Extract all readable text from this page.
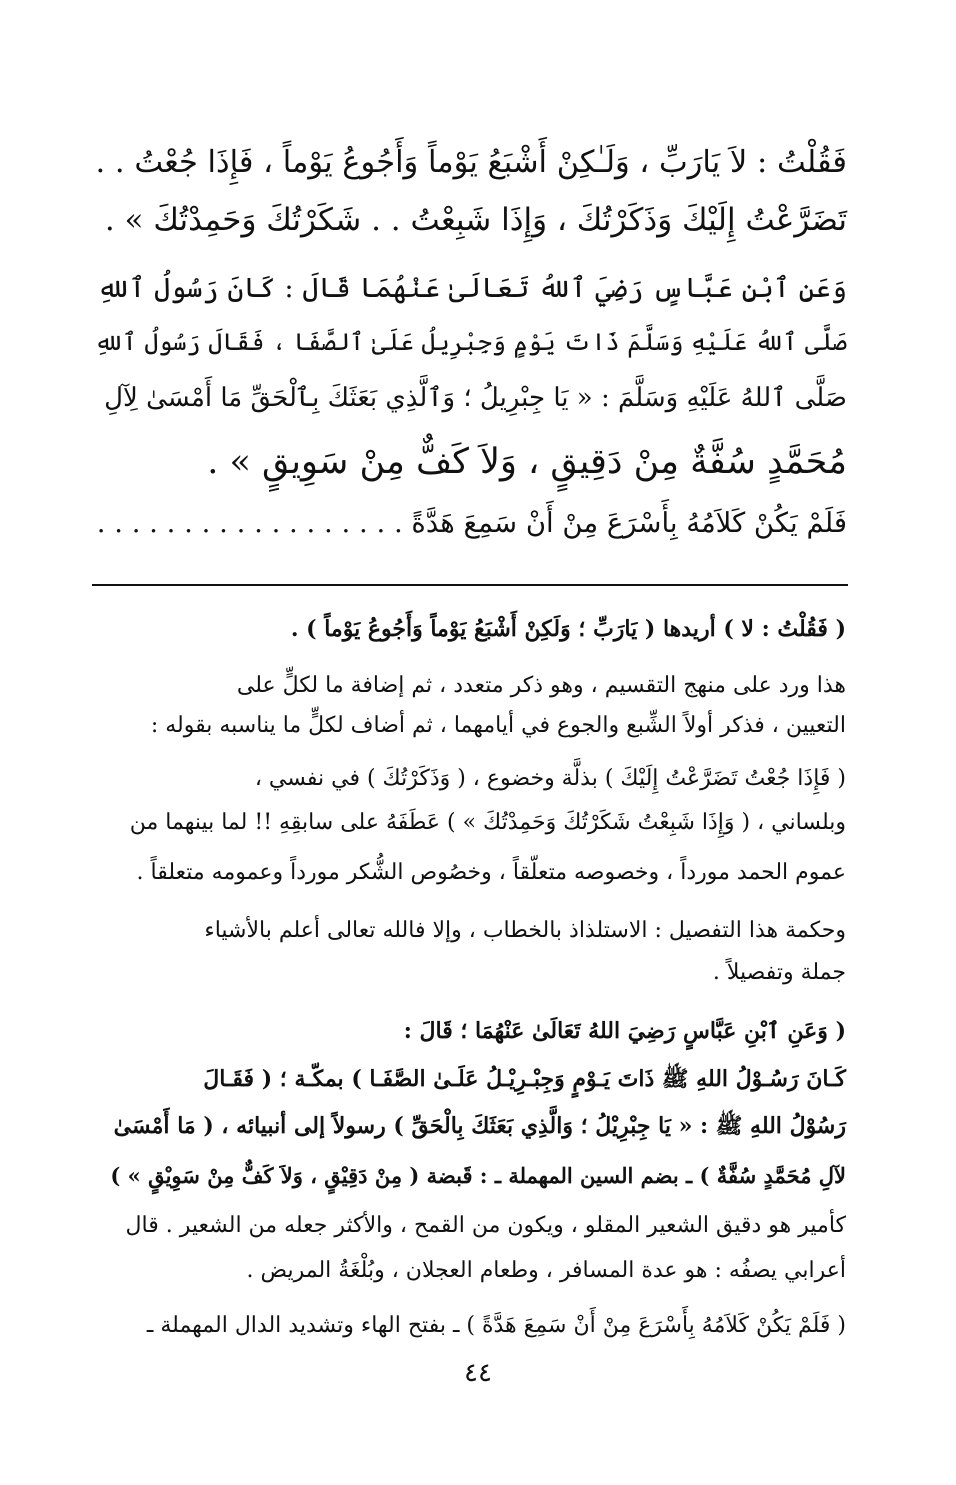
فَقُلْتُ : لاَ يَارَبِّ ، وَلَـٰكِنْ أَشْبَعُ يَوْماً وَأَجُوعُ يَوْماً ، فَإِذَا جُعْتُ . .
تَضَرَّعْتُ إِلَيْكَ وَذَكَرْتُكَ ، وَإِذَا شَبِعْتُ . . شَكَرْتُكَ وَحَمِدْتُكَ » .
وَعَنِ ٱبْنِ عَبَّاسٍ رَضِيَ ٱللهُ تَعَالَىٰ عَنْهُمَا قَالَ : كَانَ رَسُولُ ٱللهِ
صَلَّى ٱللهُ عَلَيْهِ وَسَلَّمَ ذَاتَ يَوْمٍ وَجِبْرِيلُ عَلَىٰ ٱلصَّفَا ، فَقَالَ رَسُولُ ٱللهِ
صَلَّى ٱللهُ عَلَيْهِ وَسَلَّمَ : « يَا جِبْرِيلُ ؛ وَٱلَّذِي بَعَثَكَ بِٱلْحَقِّ مَا أَمْسَىٰ لِآلِ
مُحَمَّدٍ سُفَّةٌ مِنْ دَقِيقٍ ، وَلاَ كَفٌّ مِنْ سَوِيقٍ » .
فَلَمْ يَكُنْ كَلاَمُهُ بِأَسْرَعَ مِنْ أَنْ سَمِعَ هَدَّةً . . . . . . . . . . . . . . . . . .
( فَقُلْتُ : لا ) أريدها ( يَارَبِّ ؛ وَلَكِنْ أَشْبَعُ يَوْماً وَأَجُوعُ يَوْماً ) .
هذا ورد على منهج التقسيم ، وهو ذكر متعدد ، ثم إضافة ما لكلٍّ على
التعيين ، فذكر أولاً الشِّبع والجوع في أيامهما ، ثم أضاف لكلٍّ ما يناسبه بقوله :
( فَإِذَا جُعْتُ تَضَرَّعْتُ إِلَيْكَ ) بذلَّة وخضوع ، ( وَذَكَرْتُكَ ) في نفسي ،
وبلساني ، ( وَإِذَا شَبِعْتُ شَكَرْتُكَ وَحَمِدْتُكَ » ) عَطَفَهُ على سابقِهِ !! لما بينهما من
عموم الحمد مورداً ، وخصوصه متعلّقاً ، وخصُوص الشُّكر مورداً وعمومه متعلقاً .
وحكمة هذا التفصيل : الاستلذاذ بالخطاب ، وإلا فالله تعالى أعلم بالأشياء
جملة وتفصيلاً .
( وَعَنِ ٱبْنِ عَبَّاسٍ رَضِيَ اللهُ تَعَالَىٰ عَنْهُمَا ؛ قَالَ :
كَـانَ رَسُـوْلُ اللهِ ﷺ ذَاتَ يَـوْمٍ وَجِبْـرِيْـلُ عَلَـىٰ الصَّفَـا ) بمكّـة ؛ ( فَقَـالَ
رَسُوْلُ اللهِ ﷺ : « يَا جِبْرِيْلُ ؛ وَالَّذِي بَعَثَكَ بِالْحَقِّ ) رسولاً إلى أنبيائه ، ( مَا أَمْسَىٰ
لآلِ مُحَمَّدٍ سُفَّةٌ ) ـ بضم السين المهملة ـ : قَبضة ( مِنْ دَقِيْقٍ ، وَلاَ كَفٌّ مِنْ سَوِيْقٍ » )
كأمير هو دقيق الشعير المقلو ، ويكون من القمح ، والأكثر جعله من الشعير . قال
أعرابي يصفُه : هو عدة المسافر ، وطعام العجلان ، وبُلْغَةُ المريض .
( فَلَمْ يَكُنْ كَلاَمُهُ بِأَسْرَعَ مِنْ أَنْ سَمِعَ هَدَّةً ) ـ بفتح الهاء وتشديد الدال المهملة ـ
٤٤
